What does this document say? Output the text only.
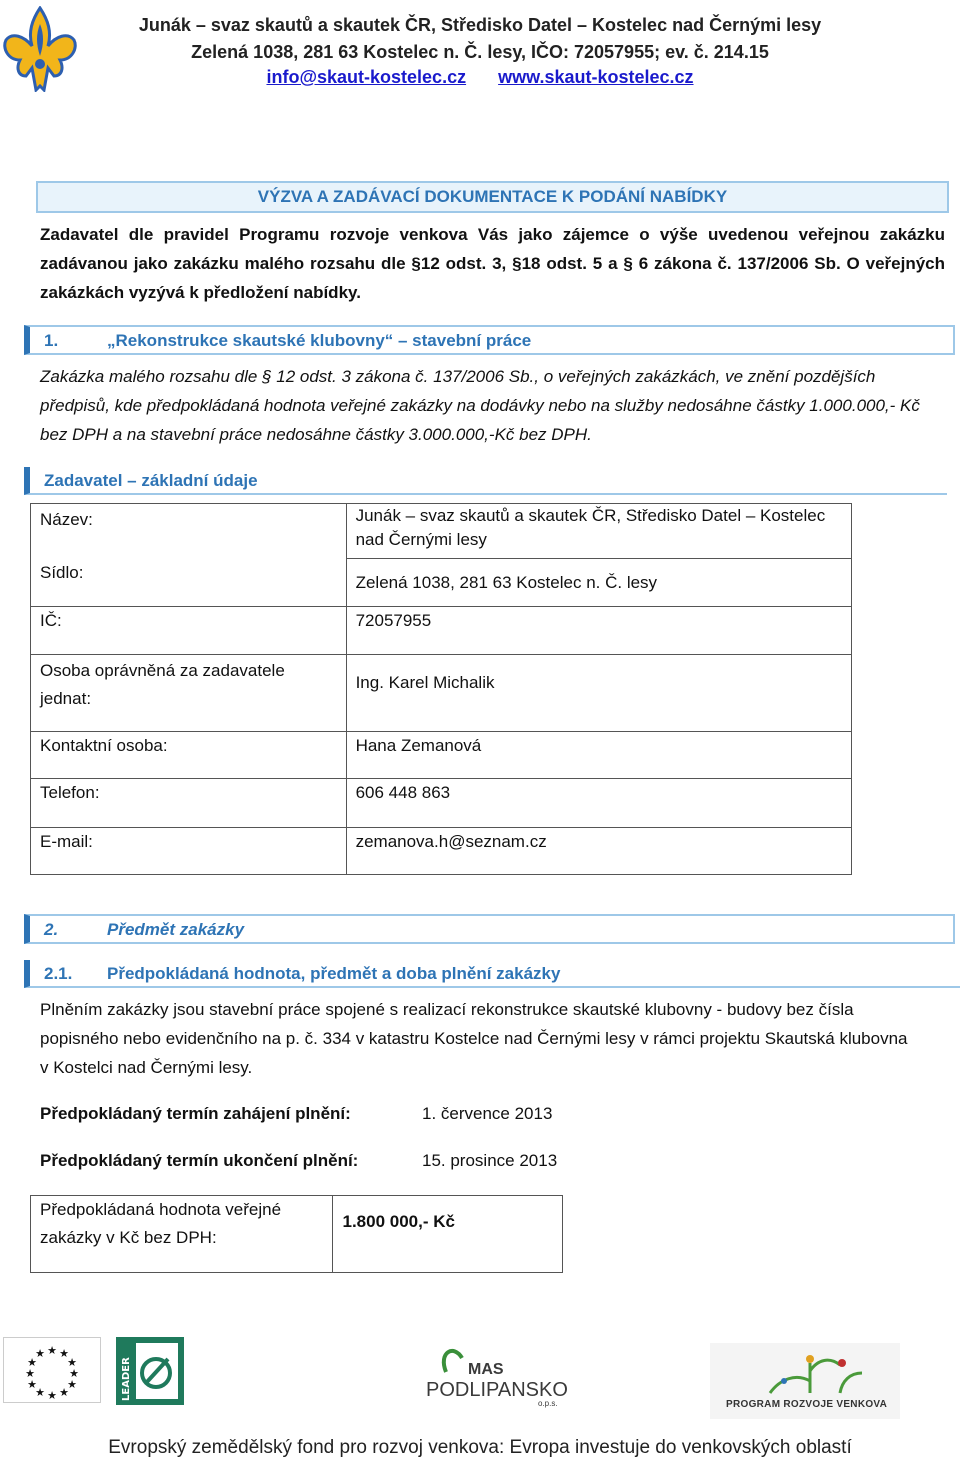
Junák – svaz skautů a skautek ČR, Středisko Datel – Kostelec nad Černými lesy
Zelená 1038, 281 63 Kostelec n. Č. lesy, IČO: 72057955; ev. č. 214.15
info@skaut-kostelec.cz www.skaut-kostelec.cz
VÝZVA A ZADÁVACÍ DOKUMENTACE K PODÁNÍ NABÍDKY
Zadavatel dle pravidel Programu rozvoje venkova Vás jako zájemce o výše uvedenou veřejnou zakázku zadávanou jako zakázku malého rozsahu dle §12 odst. 3, §18 odst. 5 a § 6 zákona č. 137/2006 Sb. O veřejných zakázkách vyzývá k předložení nabídky.
1.	„Rekonstrukce skautské klubovny“ – stavební práce
Zakázka malého rozsahu dle § 12 odst. 3 zákona č. 137/2006 Sb., o veřejných zakázkách, ve znění pozdějších předpisů, kde předpokládaná hodnota veřejné zakázky na dodávky nebo na služby nedosáhne částky 1.000.000,- Kč bez DPH a na stavební práce nedosáhne částky 3.000.000,-Kč bez DPH.
Zadavatel – základní údaje
Název:	Junák – svaz skautů a skautek ČR, Středisko Datel – Kostelec nad Černými lesy
Sídlo:	Zelená 1038, 281 63 Kostelec n. Č. lesy
IČ:	72057955
Osoba oprávněná za zadavatele jednat:	Ing. Karel Michalik
Kontaktní osoba:	Hana Zemanová
Telefon:	606 448 863
E-mail:	zemanova.h@seznam.cz
2.	Předmět zakázky
2.1. Předpokládaná hodnota, předmět a doba plnění zakázky
Plněním zakázky jsou stavební práce spojené s realizací rekonstrukce skautské klubovny - budovy bez čísla popisného nebo evidenčního na p. č. 334 v katastru Kostelce nad Černými lesy v rámci projektu Skautská klubovna v Kostelci nad Černými lesy.
Předpokládaný termín zahájení plnění:	1. července 2013
Předpokládaný termín ukončení plnění:	15. prosince 2013
Předpokládaná hodnota veřejné zakázky v Kč bez DPH:	1.800 000,- Kč
★ ★
★
★
★
★
★
★
★
★
★
★
LEADER	MAS
PODLIPANSKO
o.p.s.	PROGRAM ROZVOJE VENKOVA
Evropský zemědělský fond pro rozvoj venkova: Evropa investuje do venkovských oblastí
